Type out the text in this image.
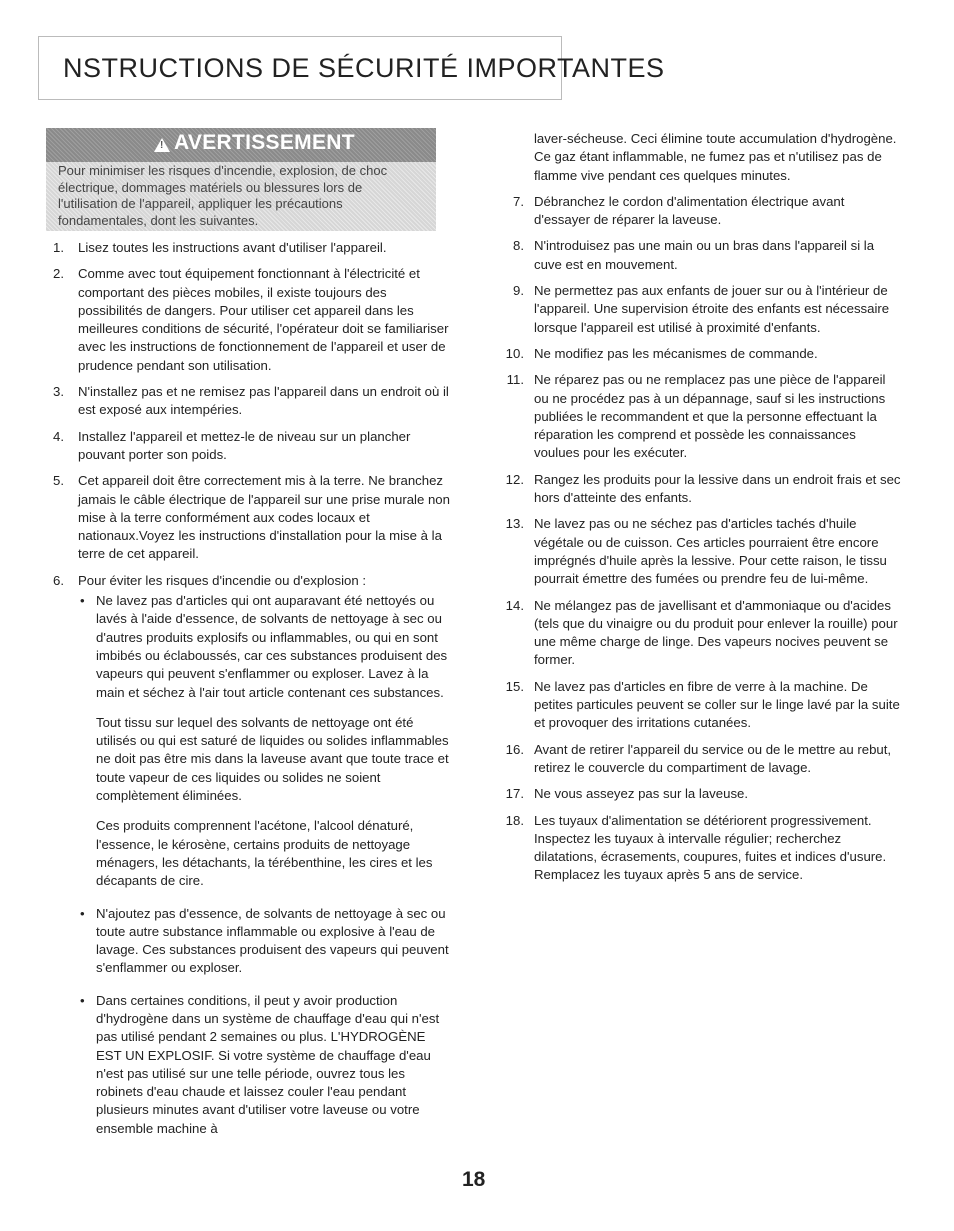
NSTRUCTIONS DE SÉCURITÉ IMPORTANTES
!
AVERTISSEMENT
Pour minimiser les risques d'incendie, explosion, de choc électrique, dommages matériels ou blessures lors de l'utilisation de l'appareil, appliquer les précautions fondamentales, dont les suivantes.
1. Lisez toutes les instructions avant d'utiliser l'appareil.
2. Comme avec tout équipement fonctionnant à l'électricité et comportant des pièces mobiles, il existe toujours des possibilités de dangers. Pour utiliser cet appareil dans les meilleures conditions de sécurité, l'opérateur doit se familiariser avec les instructions de fonctionnement de l'appareil et user de prudence pendant son utilisation.
3. N'installez pas et ne remisez pas l'appareil dans un endroit où il est exposé aux intempéries.
4. Installez l'appareil et mettez-le de niveau sur un plancher pouvant porter son poids.
5. Cet appareil doit être correctement mis à la terre. Ne branchez jamais le câble électrique de l'appareil sur une prise murale non mise à la terre conformément aux codes locaux et nationaux.Voyez les instructions d'installation pour la mise à la terre de cet appareil.
6. Pour éviter les risques d'incendie ou d'explosion :
• Ne lavez pas d'articles qui ont auparavant été nettoyés ou lavés à l'aide d'essence, de solvants de nettoyage à sec ou d'autres produits explosifs ou inflammables, ou qui en sont imbibés ou éclaboussés, car ces substances produisent des vapeurs qui peuvent s'enflammer ou exploser. Lavez à la main et séchez à l'air tout article contenant ces substances.

Tout tissu sur lequel des solvants de nettoyage ont été utilisés ou qui est saturé de liquides ou solides inflammables ne doit pas être mis dans la laveuse avant que toute trace et toute vapeur de ces liquides ou solides ne soient complètement éliminées.

Ces produits comprennent l'acétone, l'alcool dénaturé, l'essence, le kérosène, certains produits de nettoyage ménagers, les détachants, la térébenthine, les cires et les décapants de cire.

• N'ajoutez pas d'essence, de solvants de nettoyage à sec ou toute autre substance inflammable ou explosive à l'eau de lavage. Ces substances produisent des vapeurs qui peuvent s'enflammer ou exploser.
• Dans certaines conditions, il peut y avoir production d'hydrogène dans un système de chauffage d'eau qui n'est pas utilisé pendant 2 semaines ou plus. L'HYDROGÈNE EST UN EXPLOSIF. Si votre système de chauffage d'eau n'est pas utilisé sur une telle période, ouvrez tous les robinets d'eau chaude et laissez couler l'eau pendant plusieurs minutes avant d'utiliser votre laveuse ou votre ensemble machine à
laver-sécheuse. Ceci élimine toute accumulation d'hydrogène. Ce gaz étant inflammable, ne fumez pas et n'utilisez pas de flamme vive pendant ces quelques minutes.
7. Débranchez le cordon d'alimentation électrique avant d'essayer de réparer la laveuse.
8. N'introduisez pas une main ou un bras dans l'appareil si la cuve est en mouvement.
9. Ne permettez pas aux enfants de jouer sur ou à l'intérieur de l'appareil. Une supervision étroite des enfants est nécessaire lorsque l'appareil est utilisé à proximité d'enfants.
10. Ne modifiez pas les mécanismes de commande.
11. Ne réparez pas ou ne remplacez pas une pièce de l'appareil ou ne procédez pas à un dépannage, sauf si les instructions publiées le recommandent et que la personne effectuant la réparation les comprend et possède les connaissances voulues pour les exécuter.
12. Rangez les produits pour la lessive dans un endroit frais et sec hors d'atteinte des enfants.
13. Ne lavez pas ou ne séchez pas d'articles tachés d'huile végétale ou de cuisson. Ces articles pourraient être encore imprégnés d'huile après la lessive. Pour cette raison, le tissu pourrait émettre des fumées ou prendre feu de lui-même.
14. Ne mélangez pas de javellisant et d'ammoniaque ou d'acides (tels que du vinaigre ou du produit pour enlever la rouille) pour une même charge de linge. Des vapeurs nocives peuvent se former.
15. Ne lavez pas d'articles en fibre de verre à la machine. De petites particules peuvent se coller sur le linge lavé par la suite et provoquer des irritations cutanées.
16. Avant de retirer l'appareil du service ou de le mettre au rebut, retirez le couvercle du compartiment de lavage.
17. Ne vous asseyez pas sur la laveuse.
18. Les tuyaux d'alimentation se détériorent progressivement. Inspectez les tuyaux à intervalle régulier; recherchez dilatations, écrasements, coupures, fuites et indices d'usure. Remplacez les tuyaux après 5 ans de service.
18
